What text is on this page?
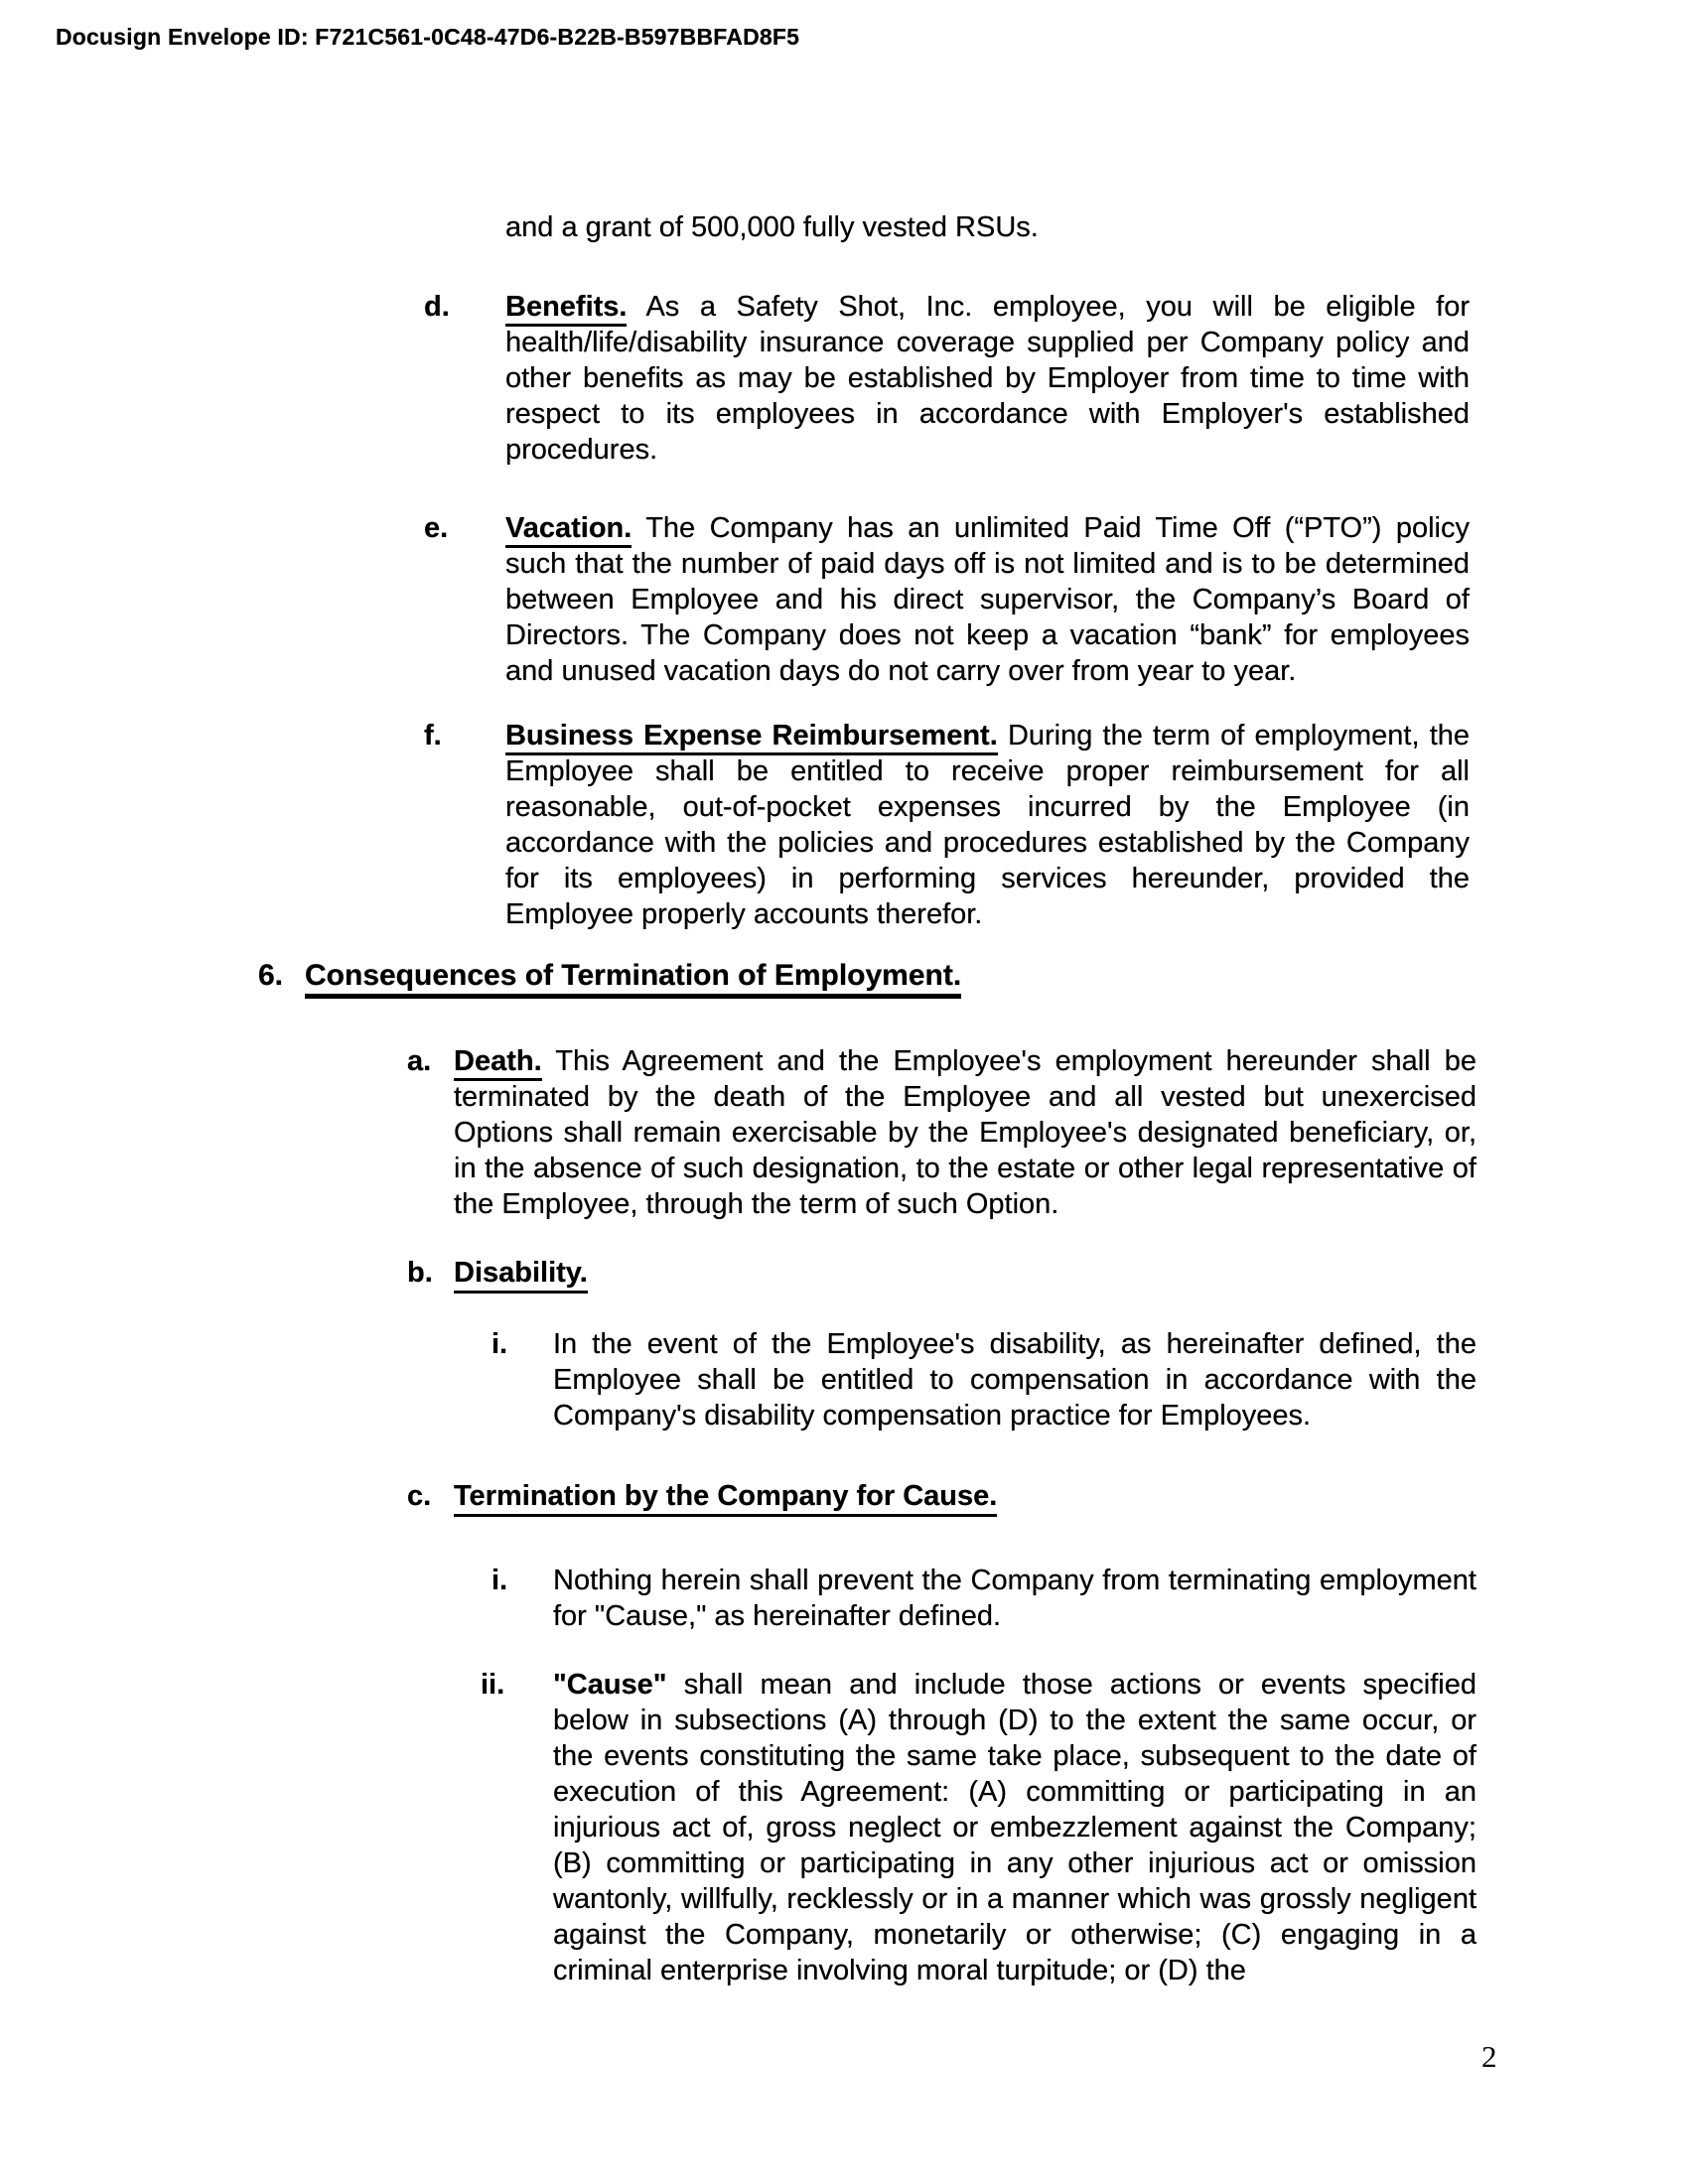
Docusign Envelope ID: F721C561-0C48-47D6-B22B-B597BBFAD8F5
and a grant of 500,000 fully vested RSUs.
d. Benefits. As a Safety Shot, Inc. employee, you will be eligible for health/life/disability insurance coverage supplied per Company policy and other benefits as may be established by Employer from time to time with respect to its employees in accordance with Employer's established procedures.
e. Vacation. The Company has an unlimited Paid Time Off (“PTO”) policy such that the number of paid days off is not limited and is to be determined between Employee and his direct supervisor, the Company’s Board of Directors. The Company does not keep a vacation “bank” for employees and unused vacation days do not carry over from year to year.
f. Business Expense Reimbursement. During the term of employment, the Employee shall be entitled to receive proper reimbursement for all reasonable, out-of-pocket expenses incurred by the Employee (in accordance with the policies and procedures established by the Company for its employees) in performing services hereunder, provided the Employee properly accounts therefor.
6. Consequences of Termination of Employment.
a. Death. This Agreement and the Employee's employment hereunder shall be terminated by the death of the Employee and all vested but unexercised Options shall remain exercisable by the Employee's designated beneficiary, or, in the absence of such designation, to the estate or other legal representative of the Employee, through the term of such Option.
b. Disability.
i. In the event of the Employee's disability, as hereinafter defined, the Employee shall be entitled to compensation in accordance with the Company's disability compensation practice for Employees.
c. Termination by the Company for Cause.
i. Nothing herein shall prevent the Company from terminating employment for "Cause," as hereinafter defined.
ii. "Cause" shall mean and include those actions or events specified below in subsections (A) through (D) to the extent the same occur, or the events constituting the same take place, subsequent to the date of execution of this Agreement: (A) committing or participating in an injurious act of, gross neglect or embezzlement against the Company; (B) committing or participating in any other injurious act or omission wantonly, willfully, recklessly or in a manner which was grossly negligent against the Company, monetarily or otherwise; (C) engaging in a criminal enterprise involving moral turpitude; or (D) the
2
